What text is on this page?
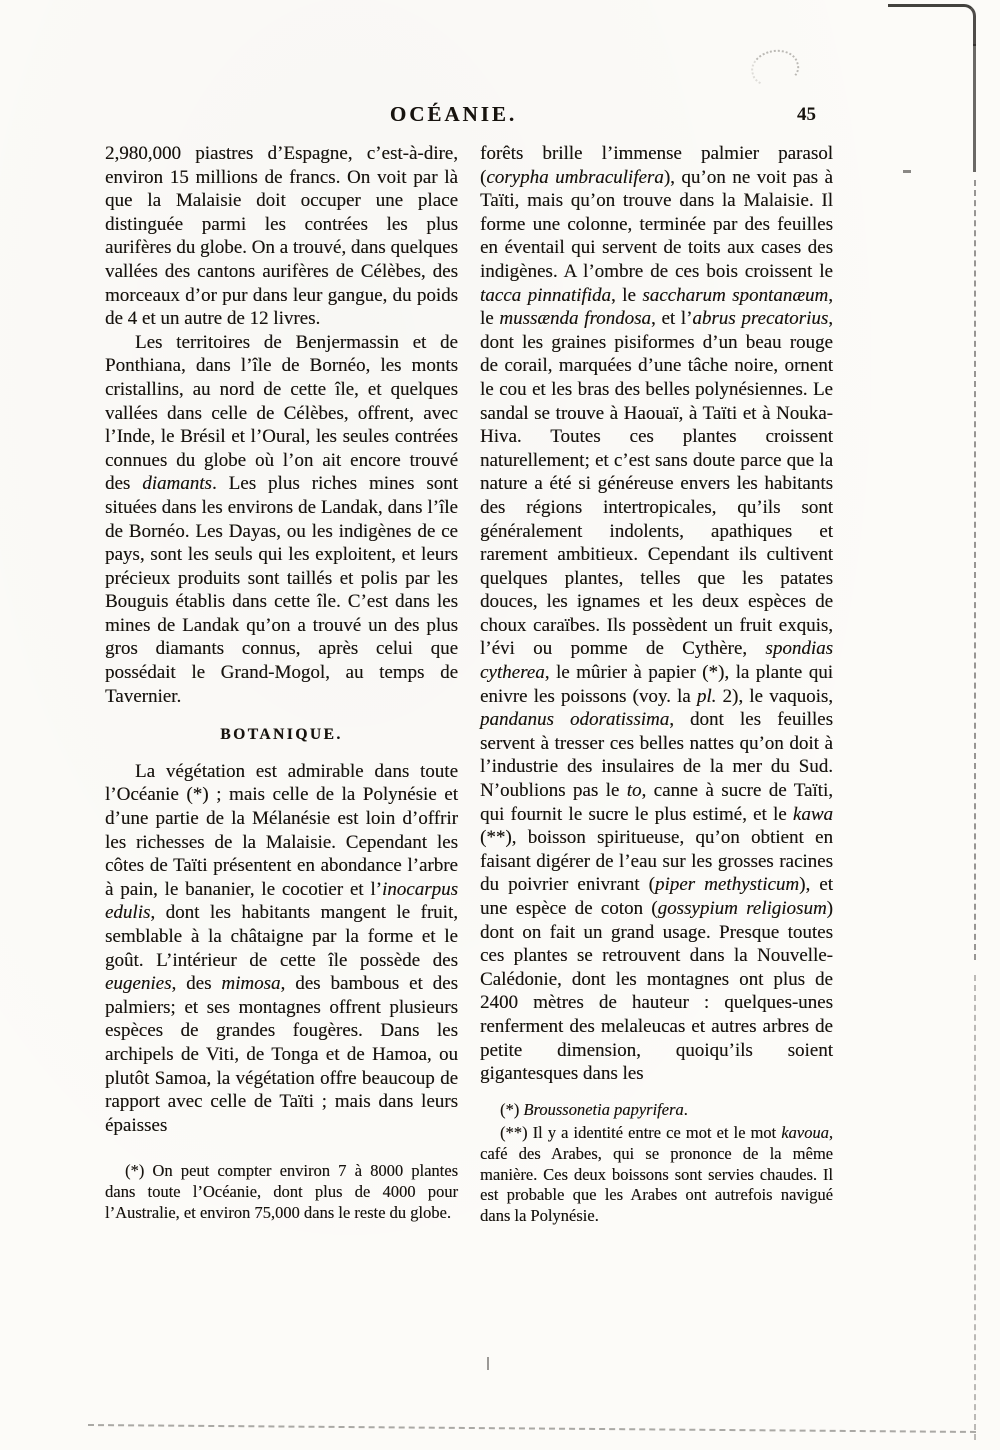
OCÉANIE.	45

2,980,000 piastres d’Espagne, c’est-à-dire, environ 15 millions de francs. On voit par là que la Malaisie doit occuper une place distinguée parmi les contrées les plus aurifères du globe. On a trouvé, dans quelques vallées des cantons aurifères de Célèbes, des morceaux d’or pur dans leur gangue, du poids de 4 et un autre de 12 livres.

Les territoires de Benjermassin et de Ponthiana, dans l’île de Bornéo, les monts cristallins, au nord de cette île, et quelques vallées dans celle de Célèbes, offrent, avec l’Inde, le Brésil et l’Oural, les seules contrées connues du globe où l’on ait encore trouvé des diamants. Les plus riches mines sont situées dans les environs de Landak, dans l’île de Bornéo. Les Dayas, ou les indigènes de ce pays, sont les seuls qui les exploitent, et leurs précieux produits sont taillés et polis par les Bouguis établis dans cette île. C’est dans les mines de Landak qu’on a trouvé un des plus gros diamants connus, après celui que possédait le Grand-Mogol, au temps de Tavernier.

BOTANIQUE.

La végétation est admirable dans toute l’Océanie (*) ; mais celle de la Polynésie et d’une partie de la Mélanésie est loin d’offrir les richesses de la Malaisie. Cependant les côtes de Taïti présentent en abondance l’arbre à pain, le bananier, le cocotier et l’inocarpus edulis, dont les habitants mangent le fruit, semblable à la châtaigne par la forme et le goût. L’intérieur de cette île possède des eugenies, des mimosa, des bambous et des palmiers; et ses montagnes offrent plusieurs espèces de grandes fougères. Dans les archipels de Viti, de Tonga et de Hamoa, ou plutôt Samoa, la végétation offre beaucoup de rapport avec celle de Taïti ; mais dans leurs épaisses

(*) On peut compter environ 7 à 8000 plantes dans toute l’Océanie, dont plus de 4000 pour l’Australie, et environ 75,000 dans le reste du globe.

forêts brille l’immense palmier parasol (corypha umbraculifera), qu’on ne voit pas à Taïti, mais qu’on trouve dans la Malaisie. Il forme une colonne, terminée par des feuilles en éventail qui servent de toits aux cases des indigènes. A l’ombre de ces bois croissent le tacca pinnatifida, le saccharum spontanæum, le mussænda frondosa, et l’abrus precatorius, dont les graines pisiformes d’un beau rouge de corail, marquées d’une tâche noire, ornent le cou et les bras des belles polynésiennes. Le sandal se trouve à Haouaï, à Taïti et à Nouka-Hiva. Toutes ces plantes croissent naturellement; et c’est sans doute parce que la nature a été si généreuse envers les habitants des régions intertropicales, qu’ils sont généralement indolents, apathiques et rarement ambitieux. Cependant ils cultivent quelques plantes, telles que les patates douces, les ignames et les deux espèces de choux caraïbes. Ils possèdent un fruit exquis, l’évi ou pomme de Cythère, spondias cytherea, le mûrier à papier (*), la plante qui enivre les poissons (voy. la pl. 2), le vaquois, pandanus odoratissima, dont les feuilles servent à tresser ces belles nattes qu’on doit à l’industrie des insulaires de la mer du Sud. N’oublions pas le to, canne à sucre de Taïti, qui fournit le sucre le plus estimé, et le kawa (**), boisson spiritueuse, qu’on obtient en faisant digérer de l’eau sur les grosses racines du poivrier enivrant (piper methysticum), et une espèce de coton (gossypium religiosum) dont on fait un grand usage. Presque toutes ces plantes se retrouvent dans la Nouvelle-Calédonie, dont les montagnes ont plus de 2400 mètres de hauteur : quelques-unes renferment des melaleucas et autres arbres de petite dimension, quoiqu’ils soient gigantesques dans les

(*) Broussonetia papyrifera.

(**) Il y a identité entre ce mot et le mot kavoua, café des Arabes, qui se prononce de la même manière. Ces deux boissons sont servies chaudes. Il est probable que les Arabes ont autrefois navigué dans la Polynésie.
